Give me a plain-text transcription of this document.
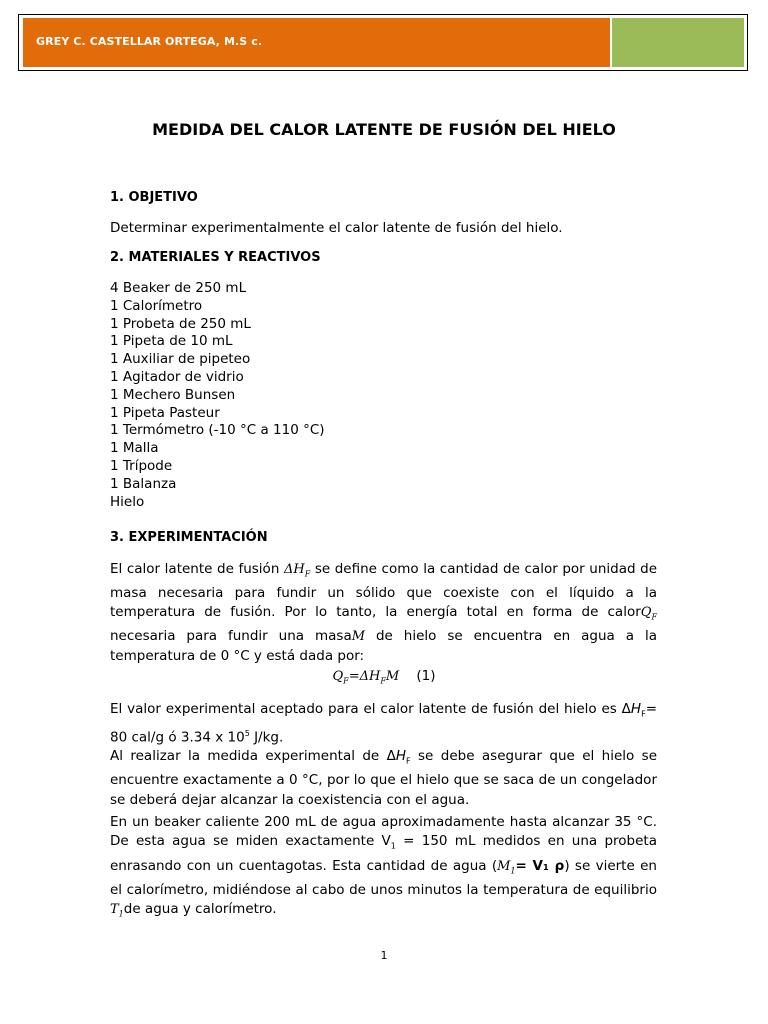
GREY C. CASTELLAR ORTEGA, M.S c.
MEDIDA DEL CALOR LATENTE DE FUSIÓN DEL HIELO
1. OBJETIVO
Determinar experimentalmente el calor latente de fusión del hielo.
2. MATERIALES Y REACTIVOS
4 Beaker de 250 mL
1 Calorímetro
1 Probeta de 250 mL
1 Pipeta de 10 mL
1 Auxiliar de pipeteo
1 Agitador de vidrio
1 Mechero Bunsen
1 Pipeta Pasteur
1 Termómetro (-10 °C a 110 °C)
1 Malla
1 Trípode
1 Balanza
Hielo
3. EXPERIMENTACIÓN
El calor latente de fusión $\Delta H_F$ se define como la cantidad de calor por unidad de masa necesaria para fundir un sólido que coexiste con el líquido a la temperatura de fusión. Por lo tanto, la energía total en forma de calorQ$_F$ necesaria para fundir una masaM de hielo se encuentra en agua a la temperatura de 0 °C y está dada por:
$Q_F=\Delta H_FM$ (1)
El valor experimental aceptado para el calor latente de fusión del hielo es $\Delta H_F= 80$ cal/g ó 3.34 x $10^5$ J/kg.
Al realizar la medida experimental de $\Delta H_F$ se debe asegurar que el hielo se encuentre exactamente a 0 °C, por lo que el hielo que se saca de un congelador se deberá dejar alcanzar la coexistencia con el agua.
En un beaker caliente 200 mL de agua aproximadamente hasta alcanzar 35 °C. De esta agua se miden exactamente $V_1 = 150$ mL medidos en una probeta enrasando con un cuentagotas. Esta cantidad de agua ($M_1= V_1$ ρ) se vierte en el calorímetro, midiéndose al cabo de unos minutos la temperatura de equilibrio $T_1de$ agua y calorímetro.
1
